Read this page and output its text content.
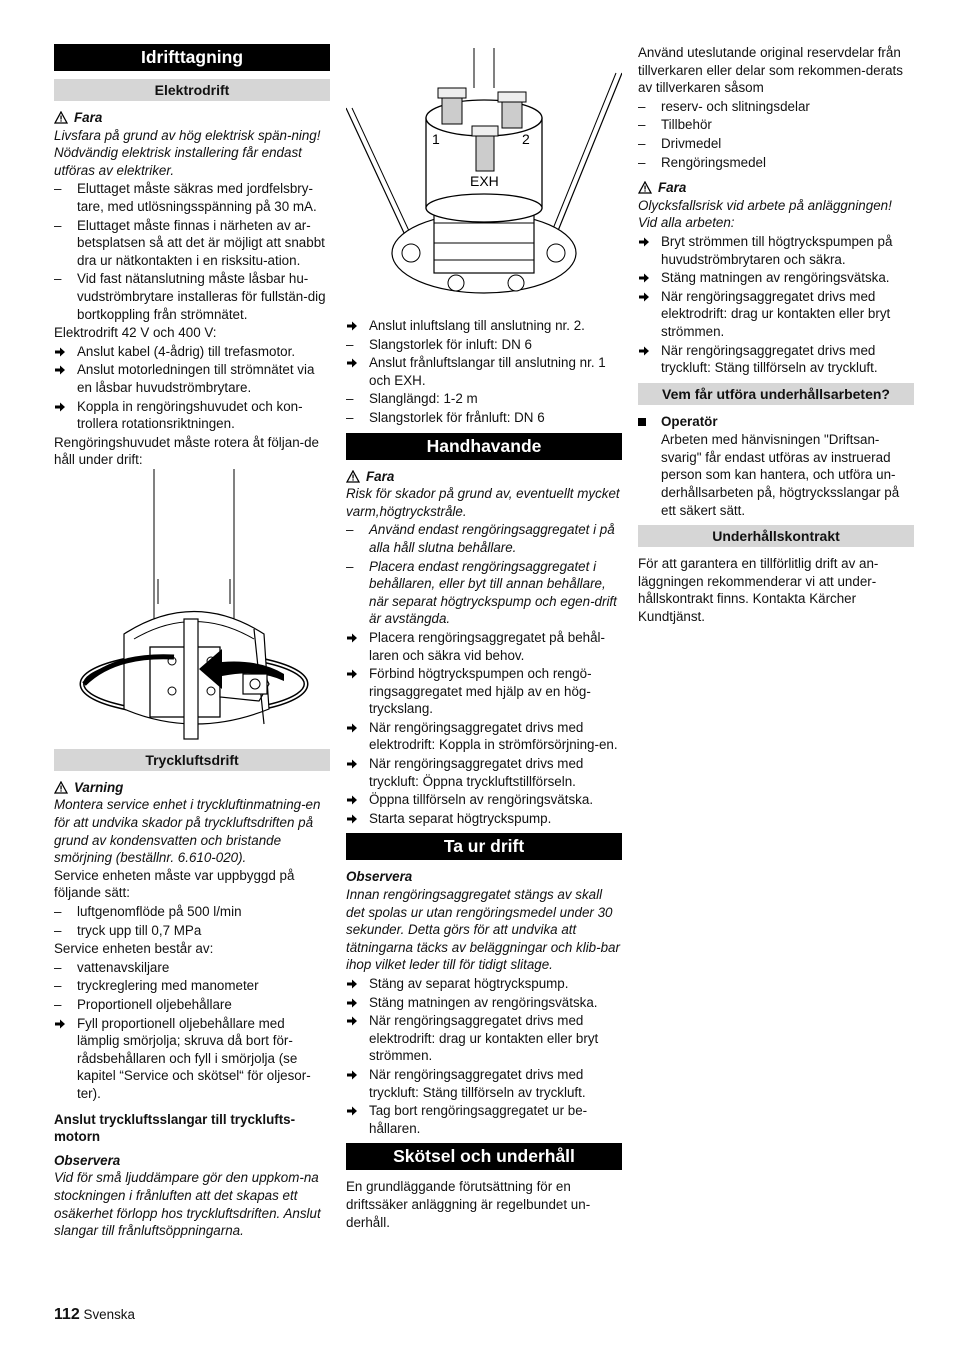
Idrifttagning
Elektrodrift
Fara

Livsfara på grund av hög elektrisk spän-ning! Nödvändig elektrisk installering får endast utföras av elektriker.

–	Eluttaget måste säkras med jordfelsbry-tare, med utlösningsspänning på 30 mA.
–	Eluttaget måste finnas i närheten av ar-betsplatsen så att det är möjligt att snabbt dra ur nätkontakten i en risksitu-ation.
–	Vid fast nätanslutning måste låsbar hu-vudströmbrytare installeras för fullstän-dig bortkoppling från strömnätet.

Elektrodrift 42 V och 400 V:

Anslut kabel (4-ådrig) till trefasmotor.
Anslut motorledningen till strömnätet via en låsbar huvudströmbrytare.
Koppla in rengöringshuvudet och kon-trollera rotationsriktningen.

Rengöringshuvudet måste rotera åt följan-de håll under drift:

Tryckluftsdrift
Varning

Montera service enhet i tryckluftinmatning-en för att undvika skador på tryckluftsdriften på grund av kondensvatten och bristande smörjning (beställnr. 6.610-020).

Service enheten måste var uppbyggd på följande sätt:

–	luftgenomflöde på 500 l/min
–	tryck upp till 0,7 MPa

Service enheten består av:

–	vattenavskiljare
–	tryckreglering med manometer
–	Proportionell oljebehållare
Fyll proportionell oljebehållare med lämplig smörjolja; skruva då bort för-rådsbehållaren och fyll i smörjolja (se kapitel “Service och skötsel“ för oljesor-ter).

Anslut tryckluftsslangar till trycklufts-motorn

Observera

Vid för små ljuddämpare gör den uppkom-na stockningen i frånluften att det skapas ett osäkerhet förlopp hos tryckluftsdriften. Anslut slangar till frånluftsöppningarna.

1	2
EXH
Anslut inluftslang till anslutning nr. 2.
–	Slangstorlek för inluft: DN 6
Anslut frånluftslangar till anslutning nr. 1 och EXH.
–	Slanglängd: 1-2 m
–	Slangstorlek för frånluft: DN 6
Handhavande
Fara

Risk för skador på grund av, eventuellt mycket varm,högtryckstråle.

–	Använd endast rengöringsaggregatet i på alla håll slutna behållare.
–	Placera endast rengöringsaggregatet i behållaren, eller byt till annan behållare, när separat högtryckspump och egen-drift är avstängda.
Placera rengöringsaggregatet på behål-laren och säkra vid behov.
Förbind högtryckspumpen och rengö-ringsaggregatet med hjälp av en hög-tryckslang.
När rengöringsaggregatet drivs med elektrodrift: Koppla in strömförsörjning-en.
När rengöringsaggregatet drivs med tryckluft: Öppna tryckluftstillförseln.
Öppna tillförseln av rengöringsvätska.
Starta separat högtryckspump.
Ta ur drift
Observera

Innan rengöringsaggregatet stängs av skall det spolas ur utan rengöringsmedel under 30 sekunder. Detta görs för att undvika att tätningarna täcks av beläggningar och klib-bar ihop vilket leder till för tidigt slitage.

Stäng av separat högtryckspump.
Stäng matningen av rengöringsvätska.
När rengöringsaggregatet drivs med elektrodrift: drag ur kontakten eller bryt strömmen.
När rengöringsaggregatet drivs med tryckluft: Stäng tillförseln av tryckluft.
Tag bort rengöringsaggregatet ur be-hållaren.
Skötsel och underhåll

En grundläggande förutsättning för en driftssäker anläggning är regelbundet un-derhåll.

Använd uteslutande original reservdelar från tillverkaren eller delar som rekommen-derats av tillverkaren såsom

–	reserv- och slitningsdelar
–	Tillbehör
–	Drivmedel
–	Rengöringsmedel
Fara

Olycksfallsrisk vid arbete på anläggningen! Vid alla arbeten:

Bryt strömmen till högtryckspumpen på huvudströmbrytaren och säkra.
Stäng matningen av rengöringsvätska.
När rengöringsaggregatet drivs med elektrodrift: drag ur kontakten eller bryt strömmen.
När rengöringsaggregatet drivs med tryckluft: Stäng tillförseln av tryckluft.
Vem får utföra underhållsarbeten?
Operatör

Arbeten med hänvisningen "Driftsan-svarig" får endast utföras av instruerad person som kan hantera, och utföra un-derhållsarbeten på, högtrycksslangar på ett säkert sätt.

Underhållskontrakt

För att garantera en tillförlitlig drift av an-läggningen rekommenderar vi att under-hållskontrakt finns. Kontakta Kärcher Kundtjänst.

112 Svenska
